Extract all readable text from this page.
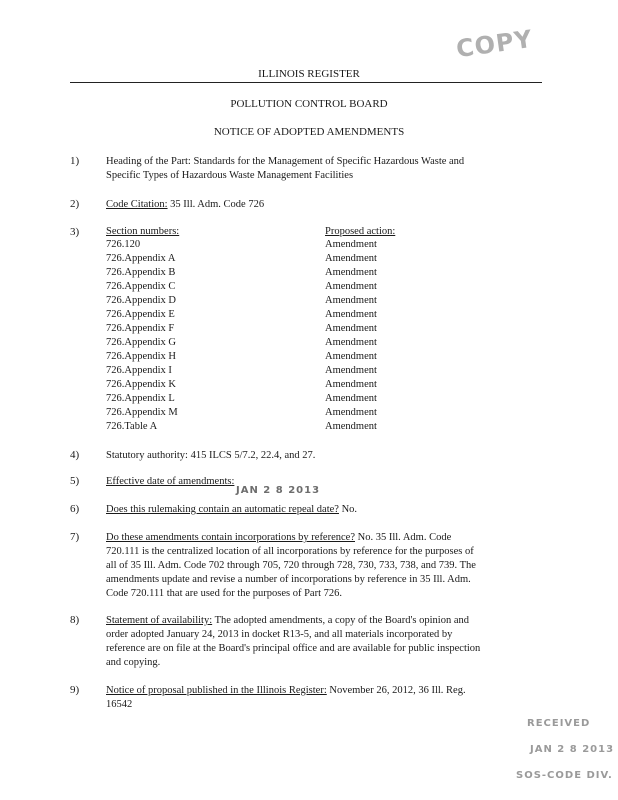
COPY
ILLINOIS REGISTER
POLLUTION CONTROL BOARD
NOTICE OF ADOPTED AMENDMENTS
1)	Heading of the Part: Standards for the Management of Specific Hazardous Waste and
Specific Types of Hazardous Waste Management Facilities
2)	Code Citation: 35 Ill. Adm. Code 726
3)	Section numbers:	Proposed action:
726.120	Amendment
726.Appendix A	Amendment
726.Appendix B	Amendment
726.Appendix C	Amendment
726.Appendix D	Amendment
726.Appendix E	Amendment
726.Appendix F	Amendment
726.Appendix G	Amendment
726.Appendix H	Amendment
726.Appendix I	Amendment
726.Appendix K	Amendment
726.Appendix L	Amendment
726.Appendix M	Amendment
726.Table A	Amendment
4)	Statutory authority: 415 ILCS 5/7.2, 22.4, and 27.
5)	Effective date of amendments:
JAN 2 8 2013
6)	Does this rulemaking contain an automatic repeal date? No.
7)	Do these amendments contain incorporations by reference? No. 35 Ill. Adm. Code
720.111 is the centralized location of all incorporations by reference for the purposes of
all of 35 Ill. Adm. Code 702 through 705, 720 through 728, 730, 733, 738, and 739. The
amendments update and revise a number of incorporations by reference in 35 Ill. Adm.
Code 720.111 that are used for the purposes of Part 726.
8)	Statement of availability: The adopted amendments, a copy of the Board's opinion and
order adopted January 24, 2013 in docket R13-5, and all materials incorporated by
reference are on file at the Board's principal office and are available for public inspection
and copying.
9)	Notice of proposal published in the Illinois Register: November 26, 2012, 36 Ill. Reg.
16542
RECEIVED
JAN 2 8 2013
SOS-CODE DIV.
